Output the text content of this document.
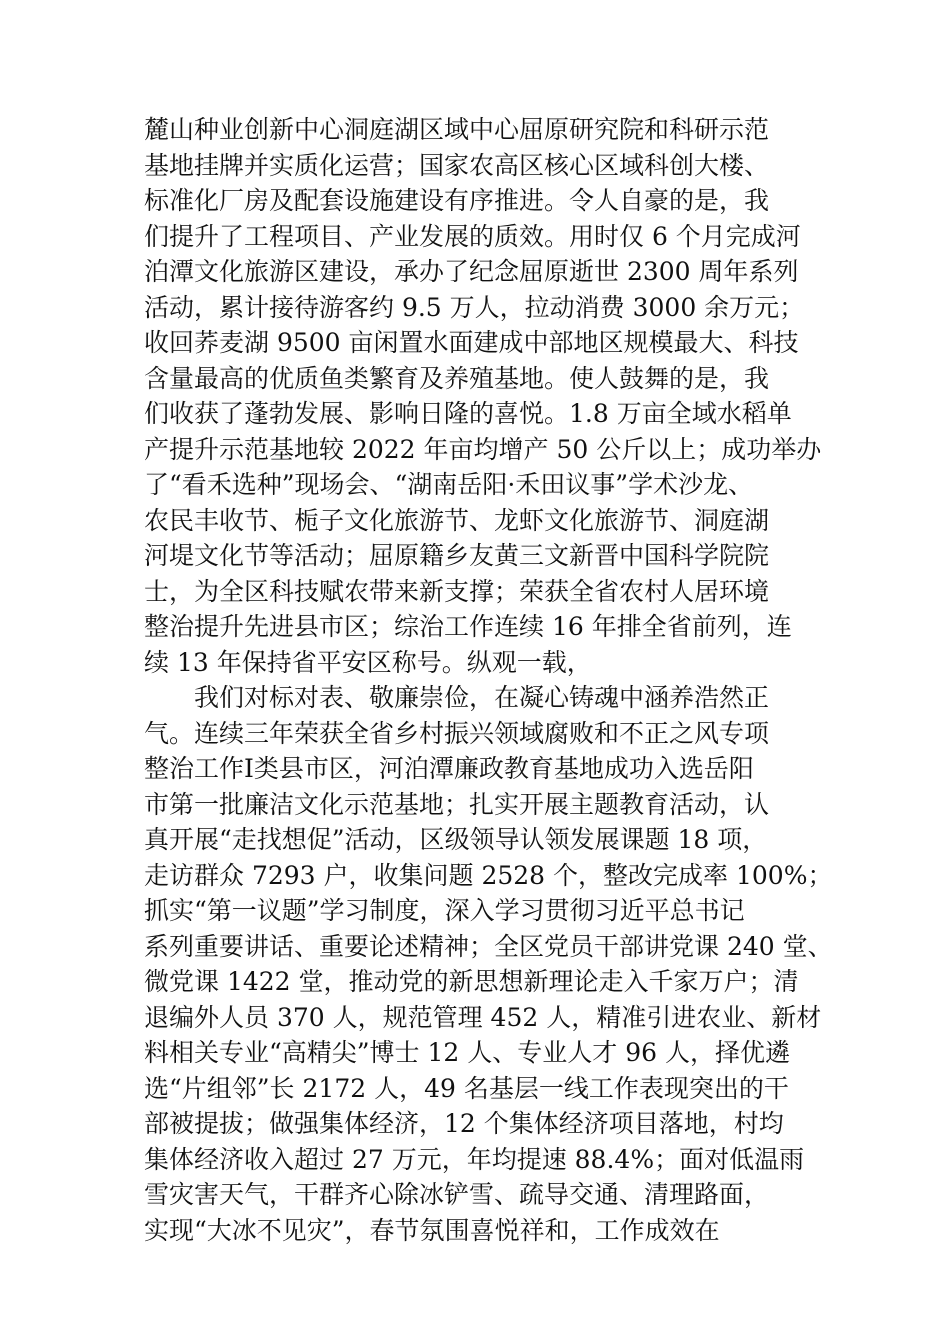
麓山种业创新中心洞庭湖区域中心屈原研究院和科研示范
基地挂牌并实质化运营；国家农高区核心区域科创大楼、
标准化厂房及配套设施建设有序推进。令人自豪的是，我
们提升了工程项目、产业发展的质效。用时仅 6 个月完成河
泊潭文化旅游区建设，承办了纪念屈原逝世 2300 周年系列
活动，累计接待游客约 9.5 万人，拉动消费 3000 余万元；
收回荞麦湖 9500 亩闲置水面建成中部地区规模最大、科技
含量最高的优质鱼类繁育及养殖基地。使人鼓舞的是，我
们收获了蓬勃发展、影响日隆的喜悦。1.8 万亩全域水稻单
产提升示范基地较 2022 年亩均增产 50 公斤以上；成功举办
了“看禾选种”现场会、“湖南岳阳·禾田议事”学术沙龙、
农民丰收节、栀子文化旅游节、龙虾文化旅游节、洞庭湖
河堤文化节等活动；屈原籍乡友黄三文新晋中国科学院院
士，为全区科技赋农带来新支撑；荣获全省农村人居环境
整治提升先进县市区；综治工作连续 16 年排全省前列，连
续 13 年保持省平安区称号。纵观一载，
我们对标对表、敬廉崇俭，在凝心铸魂中涵养浩然正
气。连续三年荣获全省乡村振兴领域腐败和不正之风专项
整治工作Ⅰ类县市区，河泊潭廉政教育基地成功入选岳阳
市第一批廉洁文化示范基地；扎实开展主题教育活动，认
真开展“走找想促”活动，区级领导认领发展课题 18 项，
走访群众 7293 户，收集问题 2528 个，整改完成率 100%；
抓实“第一议题”学习制度，深入学习贯彻习近平总书记
系列重要讲话、重要论述精神；全区党员干部讲党课 240 堂、
微党课 1422 堂，推动党的新思想新理论走入千家万户；清
退编外人员 370 人，规范管理 452 人，精准引进农业、新材
料相关专业“高精尖”博士 12 人、专业人才 96 人，择优遴
选“片组邻”长 2172 人，49 名基层一线工作表现突出的干
部被提拔；做强集体经济，12 个集体经济项目落地，村均
集体经济收入超过 27 万元，年均提速 88.4%；面对低温雨
雪灾害天气，干群齐心除冰铲雪、疏导交通、清理路面，
实现“大冰不见灾”，春节氛围喜悦祥和，工作成效在
